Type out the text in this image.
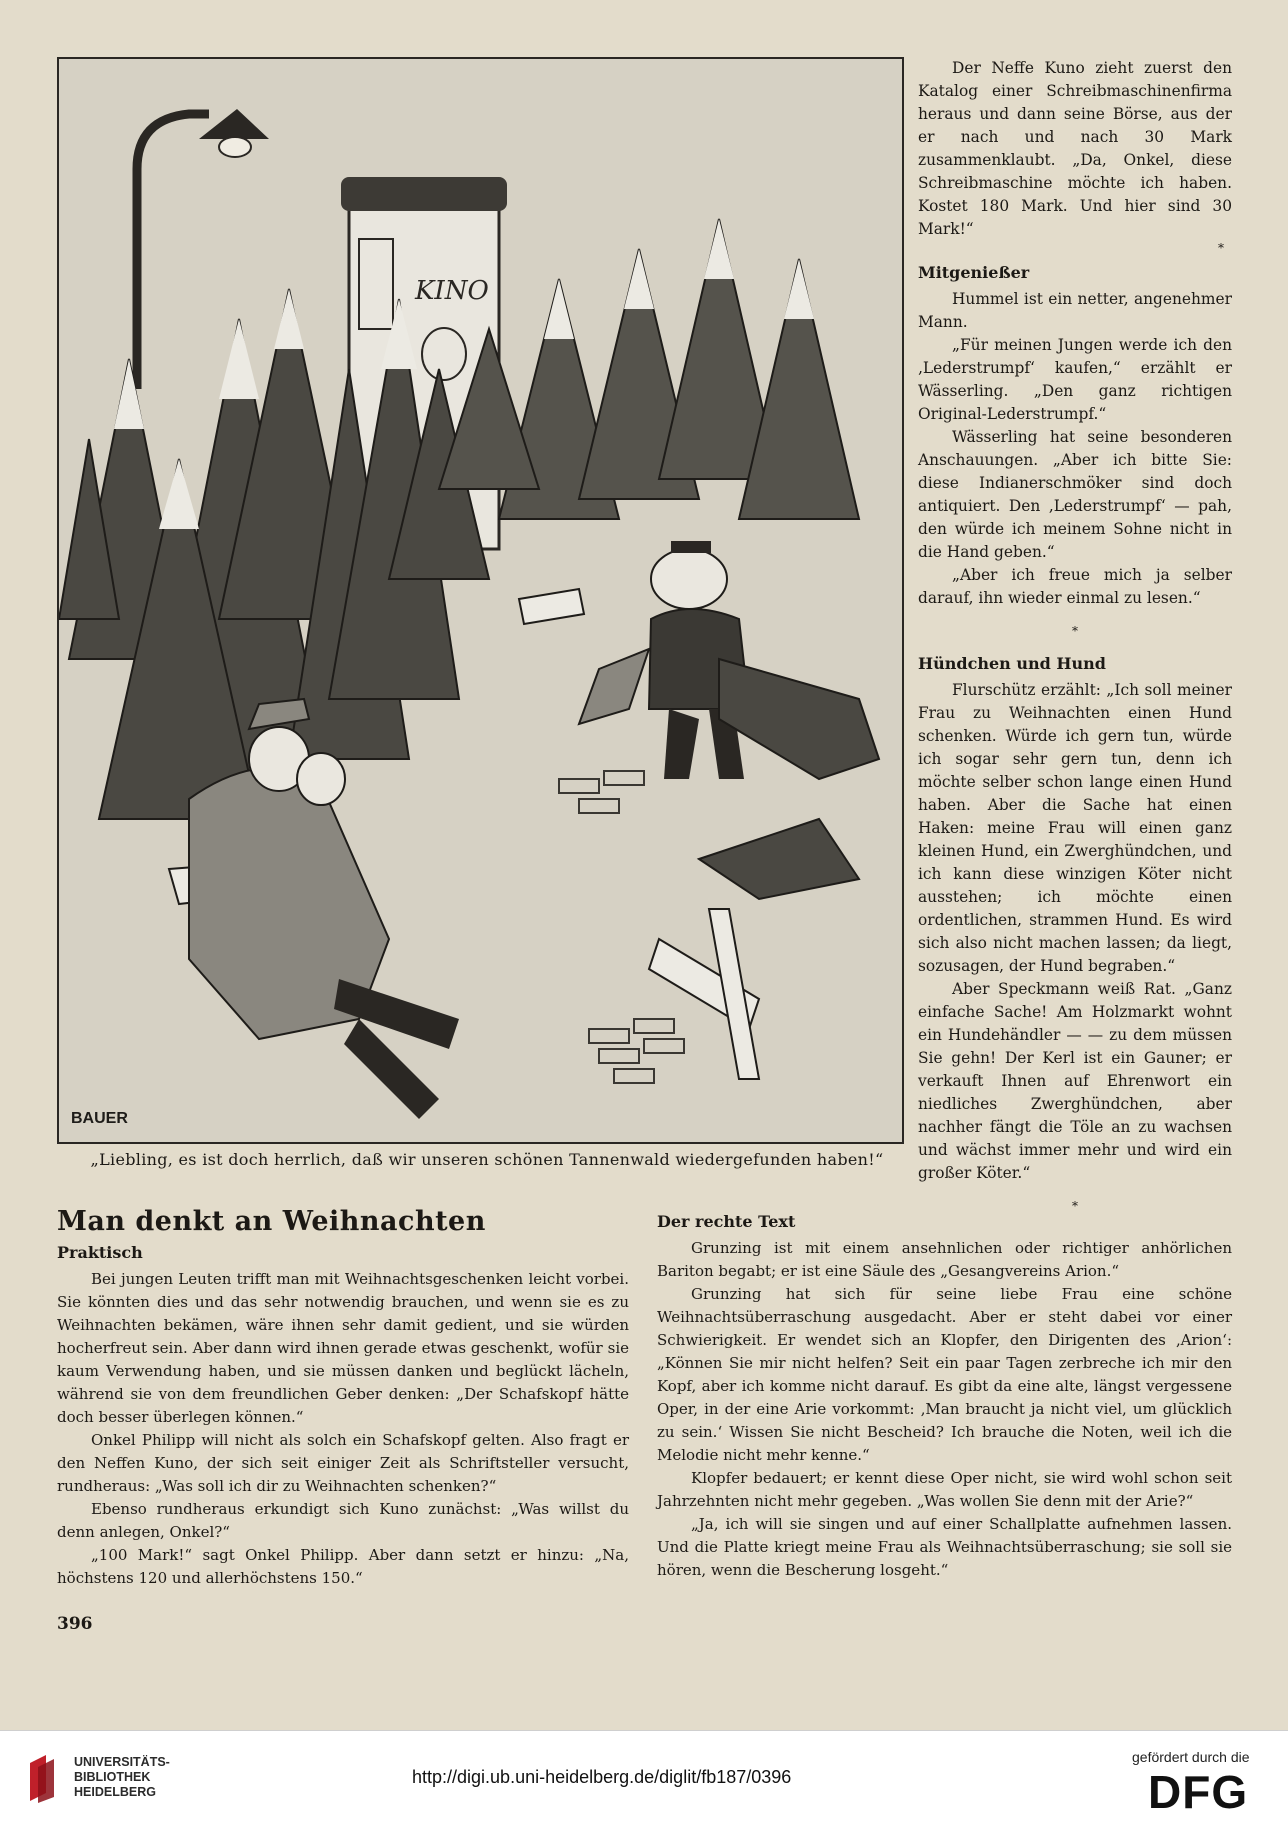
KINO
BAUER
„Liebling, es ist doch herrlich, daß wir unseren schönen Tannenwald wiedergefunden haben!“

Der Neffe Kuno zieht zuerst den Katalog einer Schreibmaschinenfirma heraus und dann seine Börse, aus der er nach und nach 30 Mark zusammenklaubt. „Da, Onkel, diese Schreibmaschine möchte ich haben. Kostet 180 Mark. Und hier sind 30 Mark!“

*
Mitgenießer

Hummel ist ein netter, angenehmer Mann.

„Für meinen Jungen werde ich den ‚Lederstrumpf‘ kaufen,“ erzählt er Wässerling. „Den ganz richtigen Original-Lederstrumpf.“

Wässerling hat seine besonderen Anschauungen. „Aber ich bitte Sie: diese Indianerschmöker sind doch antiquiert. Den ‚Lederstrumpf‘ — pah, den würde ich meinem Sohne nicht in die Hand geben.“

„Aber ich freue mich ja selber darauf, ihn wieder einmal zu lesen.“

*
Hündchen und Hund

Flurschütz erzählt: „Ich soll meiner Frau zu Weihnachten einen Hund schenken. Würde ich gern tun, würde ich sogar sehr gern tun, denn ich möchte selber schon lange einen Hund haben. Aber die Sache hat einen Haken: meine Frau will einen ganz kleinen Hund, ein Zwerghündchen, und ich kann diese winzigen Köter nicht ausstehen; ich möchte einen ordentlichen, strammen Hund. Es wird sich also nicht machen lassen; da liegt, sozusagen, der Hund begraben.“

Aber Speckmann weiß Rat. „Ganz einfache Sache! Am Holzmarkt wohnt ein Hundehändler — — zu dem müssen Sie gehn! Der Kerl ist ein Gauner; er verkauft Ihnen auf Ehrenwort ein niedliches Zwerghündchen, aber nachher fängt die Töle an zu wachsen und wächst immer mehr und wird ein großer Köter.“

*
Man denkt an Weihnachten
Praktisch

Bei jungen Leuten trifft man mit Weihnachtsgeschenken leicht vorbei. Sie könnten dies und das sehr notwendig brauchen, und wenn sie es zu Weihnachten bekämen, wäre ihnen sehr damit gedient, und sie würden hocherfreut sein. Aber dann wird ihnen gerade etwas geschenkt, wofür sie kaum Verwendung haben, und sie müssen danken und beglückt lächeln, während sie von dem freundlichen Geber denken: „Der Schafskopf hätte doch besser überlegen können.“

Onkel Philipp will nicht als solch ein Schafskopf gelten. Also fragt er den Neffen Kuno, der sich seit einiger Zeit als Schriftsteller versucht, rundheraus: „Was soll ich dir zu Weihnachten schenken?“

Ebenso rundheraus erkundigt sich Kuno zunächst: „Was willst du denn anlegen, Onkel?“

„100 Mark!“ sagt Onkel Philipp. Aber dann setzt er hinzu: „Na, höchstens 120 und allerhöchstens 150.“

Der rechte Text

Grunzing ist mit einem ansehnlichen oder richtiger anhörlichen Bariton begabt; er ist eine Säule des „Gesangvereins Arion.“

Grunzing hat sich für seine liebe Frau eine schöne Weihnachtsüberraschung ausgedacht. Aber er steht dabei vor einer Schwierigkeit. Er wendet sich an Klopfer, den Dirigenten des ‚Arion‘: „Können Sie mir nicht helfen? Seit ein paar Tagen zerbreche ich mir den Kopf, aber ich komme nicht darauf. Es gibt da eine alte, längst vergessene Oper, in der eine Arie vorkommt: ‚Man braucht ja nicht viel, um glücklich zu sein.‘ Wissen Sie nicht Bescheid? Ich brauche die Noten, weil ich die Melodie nicht mehr kenne.“

Klopfer bedauert; er kennt diese Oper nicht, sie wird wohl schon seit Jahrzehnten nicht mehr gegeben. „Was wollen Sie denn mit der Arie?“

„Ja, ich will sie singen und auf einer Schallplatte aufnehmen lassen. Und die Platte kriegt meine Frau als Weihnachtsüberraschung; sie soll sie hören, wenn die Bescherung losgeht.“

396
UNIVERSITÄTS-
BIBLIOTHEK
HEIDELBERG
http://digi.ub.uni-heidelberg.de/diglit/fb187/0396
gefördert durch die
DFG
